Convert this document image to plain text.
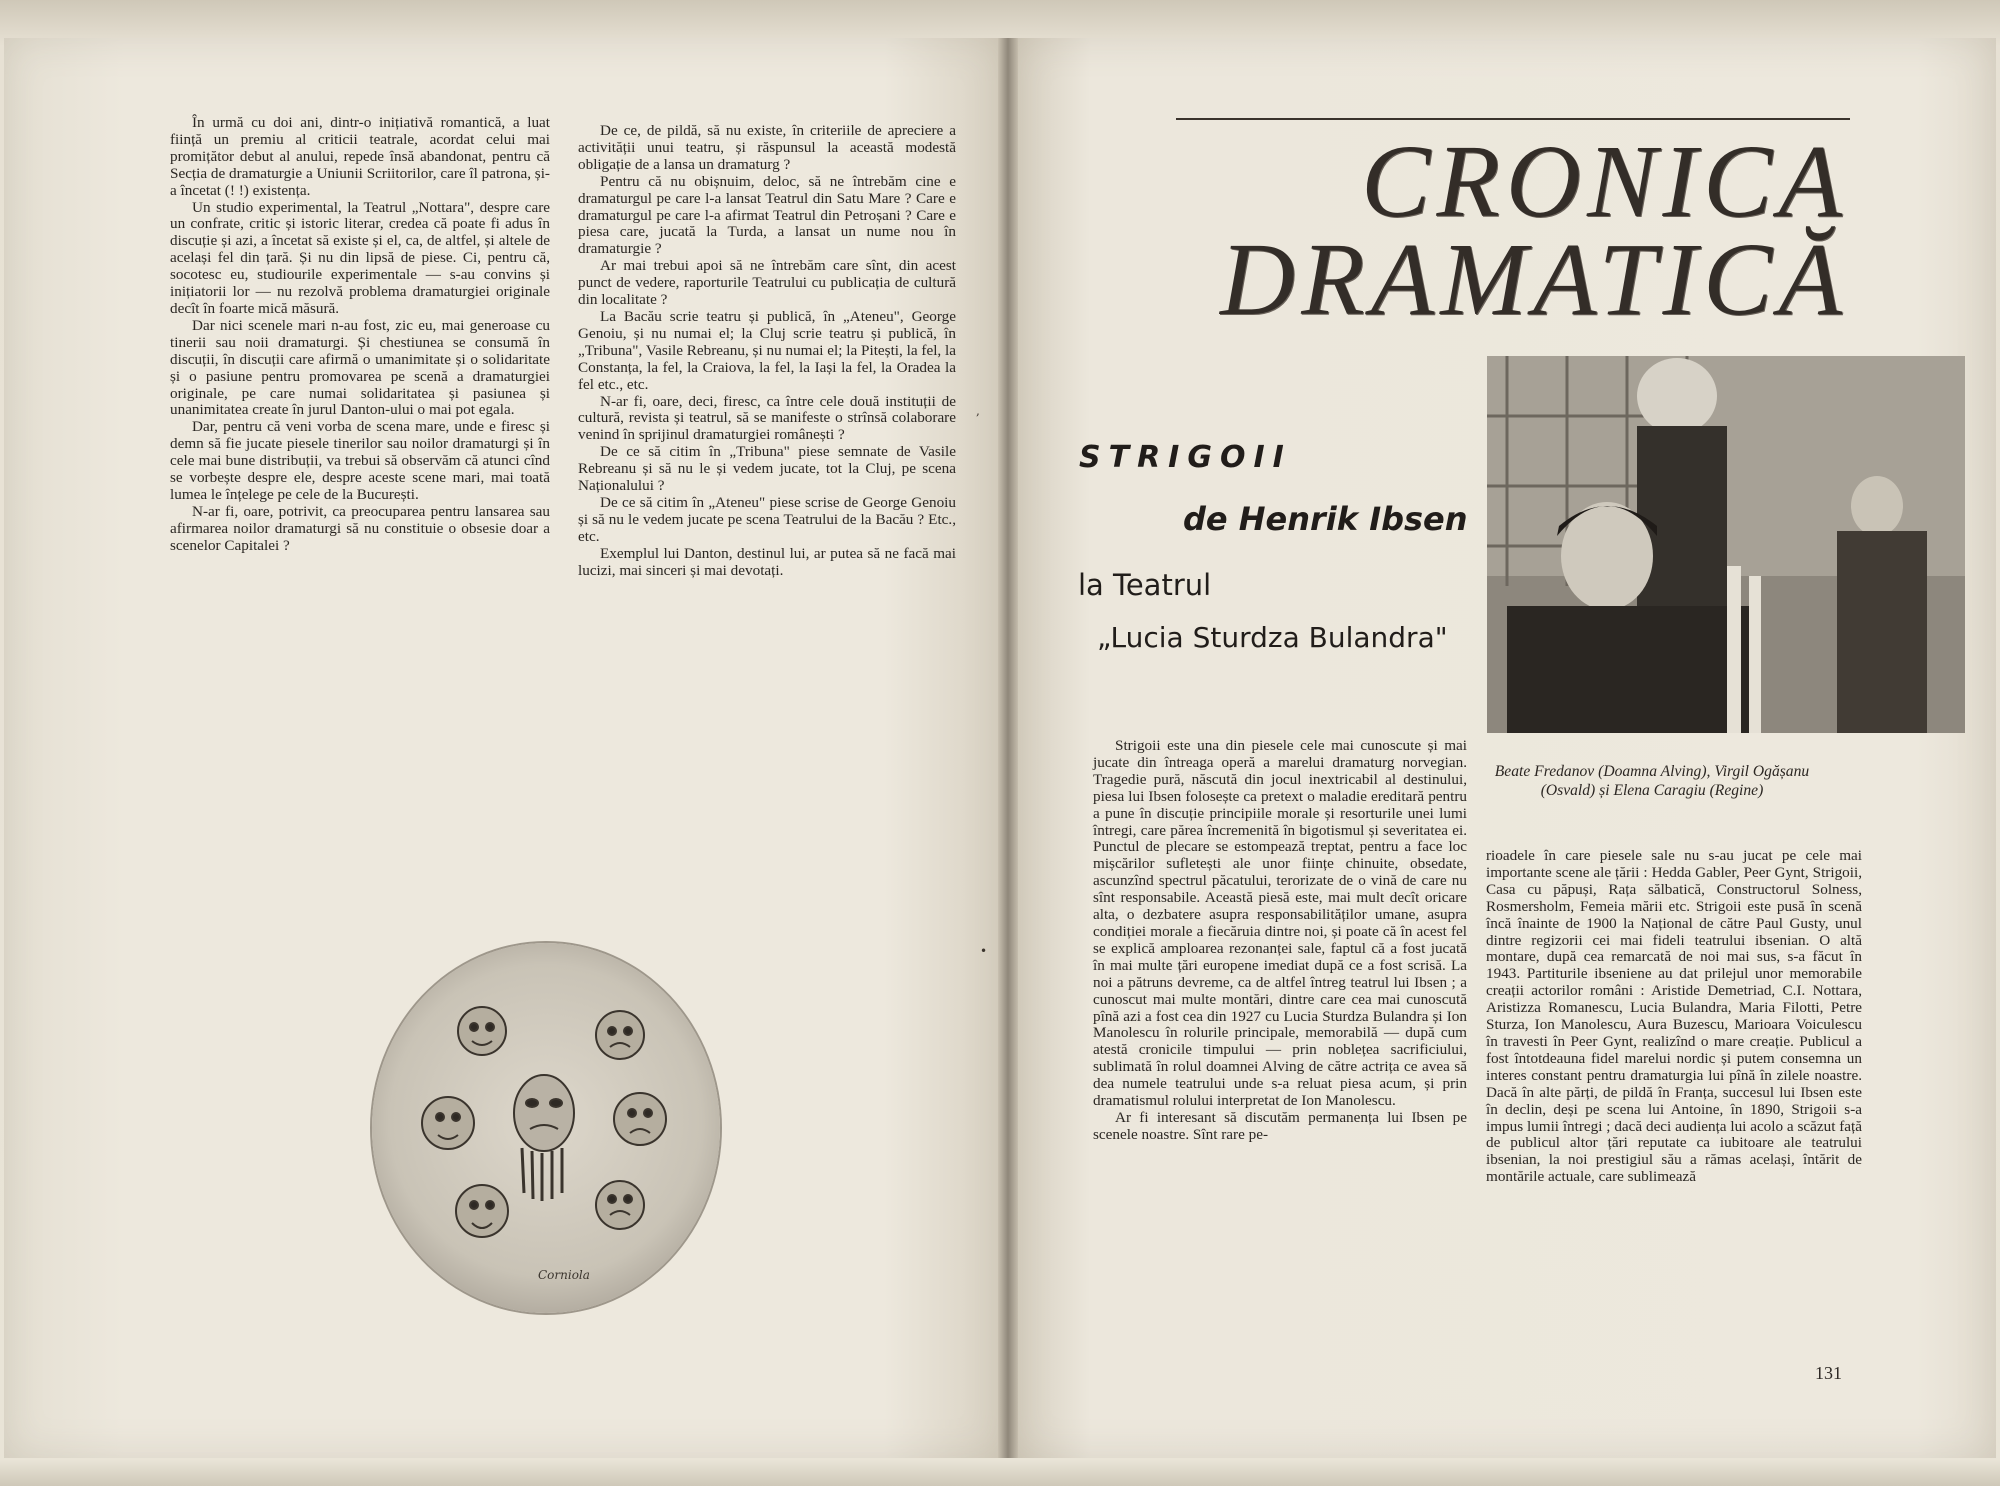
În urmă cu doi ani, dintr-o inițiativă romantică, a luat ființă un premiu al criticii teatrale, acordat celui mai promițător debut al anului, repede însă abandonat, pentru că Secția de dramaturgie a Uniunii Scriitorilor, care îl patrona, și-a încetat (! !) existența.

Un studio experimental, la Teatrul „Nottara", despre care un confrate, critic și istoric literar, credea că poate fi adus în discuție și azi, a încetat să existe și el, ca, de altfel, și altele de același fel din țară. Și nu din lipsă de piese. Ci, pentru că, socotesc eu, studiourile experimentale — s-au convins și inițiatorii lor — nu rezolvă problema dramaturgiei originale decît în foarte mică măsură.

Dar nici scenele mari n-au fost, zic eu, mai generoase cu tinerii sau noii dramaturgi. Și chestiunea se consumă în discuții, în discuții care afirmă o umanimitate și o solidaritate și o pasiune pentru promovarea pe scenă a dramaturgiei originale, pe care numai solidaritatea și pasiunea și unanimitatea create în jurul Danton-ului o mai pot egala.

Dar, pentru că veni vorba de scena mare, unde e firesc și demn să fie jucate piesele tinerilor sau noilor dramaturgi și în cele mai bune distribuții, va trebui să observăm că atunci cînd se vorbește despre ele, despre aceste scene mari, mai toată lumea le înțelege pe cele de la București.

N-ar fi, oare, potrivit, ca preocuparea pentru lansarea sau afirmarea noilor dramaturgi să nu constituie o obsesie doar a scenelor Capitalei ?

De ce, de pildă, să nu existe, în criteriile de apreciere a activității unui teatru, și răspunsul la această modestă obligație de a lansa un dramaturg ?

Pentru că nu obișnuim, deloc, să ne întrebăm cine e dramaturgul pe care l-a lansat Teatrul din Satu Mare ? Care e dramaturgul pe care l-a afirmat Teatrul din Petroșani ? Care e piesa care, jucată la Turda, a lansat un nume nou în dramaturgie ?

Ar mai trebui apoi să ne întrebăm care sînt, din acest punct de vedere, raporturile Teatrului cu publicația de cultură din localitate ?

La Bacău scrie teatru și publică, în „Ateneu", George Genoiu, și nu numai el; la Cluj scrie teatru și publică, în „Tribuna", Vasile Rebreanu, și nu numai el; la Pitești, la fel, la Constanța, la fel, la Craiova, la fel, la Iași la fel, la Oradea la fel etc., etc.

N-ar fi, oare, deci, firesc, ca între cele două instituții de cultură, revista și teatrul, să se manifeste o strînsă colaborare venind în sprijinul dramaturgiei românești ?

De ce să citim în „Tribuna" piese semnate de Vasile Rebreanu și să nu le și vedem jucate, tot la Cluj, pe scena Naționalului ?

De ce să citim în „Ateneu" piese scrise de George Genoiu și să nu le vedem jucate pe scena Teatrului de la Bacău ? Etc., etc.

Exemplul lui Danton, destinul lui, ar putea să ne facă mai lucizi, mai sinceri și mai devotați.

Corniola
,
•
CRONICA
DRAMATICĂ
Beate Fredanov (Doamna Alving), Virgil Ogășanu (Osvald) și Elena Caragiu (Regine)
STRIGOII
de Henrik Ibsen
la Teatrul
„Lucia Sturdza Bulandra"

Strigoii este una din piesele cele mai cunoscute și mai jucate din întreaga operă a marelui dramaturg norvegian. Tragedie pură, născută din jocul inextricabil al destinului, piesa lui Ibsen folosește ca pretext o maladie ereditară pentru a pune în discuție principiile morale și resorturile unei lumi întregi, care părea încremenită în bigotismul și severitatea ei. Punctul de plecare se estompează treptat, pentru a face loc mișcărilor sufletești ale unor ființe chinuite, obsedate, ascunzînd spectrul păcatului, terorizate de o vină de care nu sînt responsabile. Această piesă este, mai mult decît oricare alta, o dezbatere asupra responsabilităților umane, asupra condiției morale a fiecăruia dintre noi, și poate că în acest fel se explică amploarea rezonanței sale, faptul că a fost jucată în mai multe țări europene imediat după ce a fost scrisă. La noi a pătruns devreme, ca de altfel întreg teatrul lui Ibsen ; a cunoscut mai multe montări, dintre care cea mai cunoscută pînă azi a fost cea din 1927 cu Lucia Sturdza Bulandra și Ion Manolescu în rolurile principale, memorabilă — după cum atestă cronicile timpului — prin noblețea sacrificiului, sublimată în rolul doamnei Alving de către actrița ce avea să dea numele teatrului unde s-a reluat piesa acum, și prin dramatismul rolului interpretat de Ion Manolescu.

Ar fi interesant să discutăm permanența lui Ibsen pe scenele noastre. Sînt rare pe-

rioadele în care piesele sale nu s-au jucat pe cele mai importante scene ale țării : Hedda Gabler, Peer Gynt, Strigoii, Casa cu păpuși, Rața sălbatică, Constructorul Solness, Rosmersholm, Femeia mării etc. Strigoii este pusă în scenă încă înainte de 1900 la Național de către Paul Gusty, unul dintre regizorii cei mai fideli teatrului ibsenian. O altă montare, după cea remarcată de noi mai sus, s-a făcut în 1943. Partiturile ibseniene au dat prilejul unor memorabile creații actorilor români : Aristide Demetriad, C.I. Nottara, Aristizza Romanescu, Lucia Bulandra, Maria Filotti, Petre Sturza, Ion Manolescu, Aura Buzescu, Marioara Voiculescu în travesti în Peer Gynt, realizînd o mare creație. Publicul a fost întotdeauna fidel marelui nordic și putem consemna un interes constant pentru dramaturgia lui pînă în zilele noastre. Dacă în alte părți, de pildă în Franța, succesul lui Ibsen este în declin, deși pe scena lui Antoine, în 1890, Strigoii s-a impus lumii întregi ; dacă deci audiența lui acolo a scăzut față de publicul altor țări reputate ca iubitoare ale teatrului ibsenian, la noi prestigiul său a rămas același, întărit de montările actuale, care sublimează

131
